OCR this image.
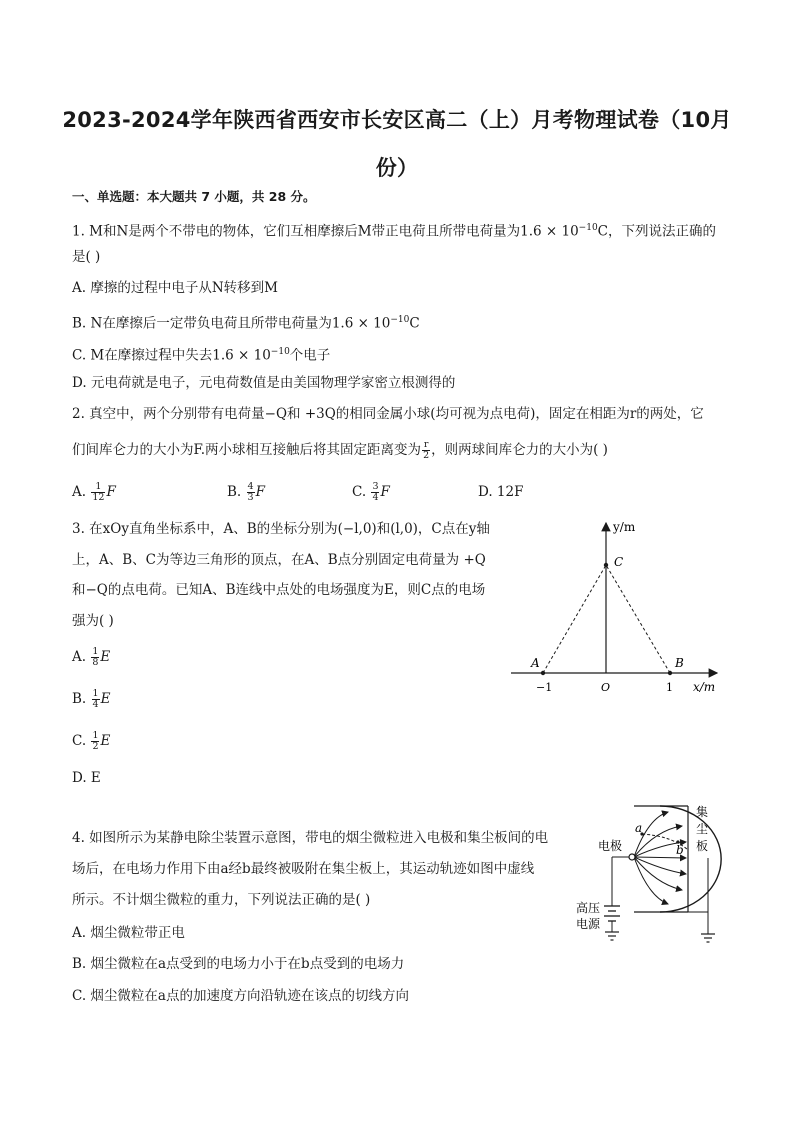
2023-2024学年陕西省西安市长安区高二（上）月考物理试卷（10月
份）
一、单选题：本大题共 7 小题，共 28 分。
1. M和N是两个不带电的物体，它们互相摩擦后M带正电荷且所带电荷量为$1.6 \times 10^{-10}C$，下列说法正确的
是( )
A. 摩擦的过程中电子从N转移到M
B. N在摩擦后一定带负电荷且所带电荷量为$1.6 \times 10^{-10}C$
C. M在摩擦过程中失去$1.6 \times 10^{-10}$个电子
D. 元电荷就是电子，元电荷数值是由美国物理学家密立根测得的
2. 真空中，两个分别带有电荷量−Q和 +3Q的相同金属小球(均可视为点电荷)，固定在相距为r的两处，它
们间库仑力的大小为F.两小球相互接触后将其固定距离变为 $\frac{r}{2}$ ，则两球间库仑力的大小为( )
A. $\frac{1}{12}$ F	B. $\frac{4}{3}$ F	C. $\frac{3}{4}$ F	D. 12F
3. 在xOy直角坐标系中，A、B的坐标分别为(−l,0)和(l,0)，C点在y轴
上，A、B、C为等边三角形的顶点，在A、B点分别固定电荷量为 +Q
和−Q的点电荷。已知A、B连线中点处的电场强度为E，则C点的电场
强为( )
A. $\frac{1}{8}$ E
B. $\frac{1}{4}$ E
C. $\frac{1}{2}$ E
D. E
y/m
C
A	B
−1	O	1 x/m
4. 如图所示为某静电除尘装置示意图，带电的烟尘微粒进入电极和集尘板间的电
场后，在电场力作用下由a经b最终被吸附在集尘板上，其运动轨迹如图中虚线
所示。不计烟尘微粒的重力，下列说法正确的是( )
A. 烟尘微粒带正电
B. 烟尘微粒在a点受到的电场力小于在b点受到的电场力
C. 烟尘微粒在a点的加速度方向沿轨迹在该点的切线方向
a
b
电极
集
尘
板
高压
电源
